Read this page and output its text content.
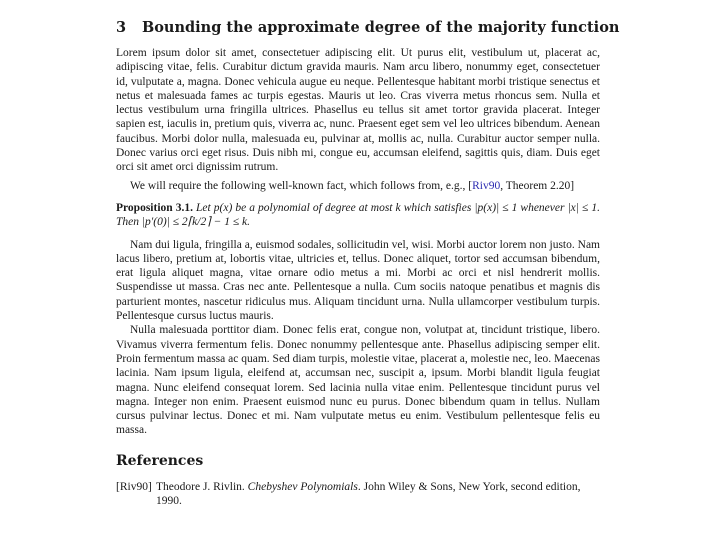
3 Bounding the approximate degree of the majority function

Lorem ipsum dolor sit amet, consectetuer adipiscing elit. Ut purus elit, vestibulum ut, placerat ac, adipiscing vitae, felis. Curabitur dictum gravida mauris. Nam arcu libero, nonummy eget, consectetuer id, vulputate a, magna. Donec vehicula augue eu neque. Pellentesque habitant morbi tristique senectus et netus et malesuada fames ac turpis egestas. Mauris ut leo. Cras viverra metus rhoncus sem. Nulla et lectus vestibulum urna fringilla ultrices. Phasellus eu tellus sit amet tortor gravida placerat. Integer sapien est, iaculis in, pretium quis, viverra ac, nunc. Praesent eget sem vel leo ultrices bibendum. Aenean faucibus. Morbi dolor nulla, malesuada eu, pulvinar at, mollis ac, nulla. Curabitur auctor semper nulla. Donec varius orci eget risus. Duis nibh mi, congue eu, accumsan eleifend, sagittis quis, diam. Duis eget orci sit amet orci dignissim rutrum.

We will require the following well-known fact, which follows from, e.g., [Riv90, Theorem 2.20]

Proposition 3.1. Let p(x) be a polynomial of degree at most k which satisfies |p(x)| ≤ 1 whenever |x| ≤ 1. Then |p′(0)| ≤ 2⌈k/2⌉ − 1 ≤ k.

Nam dui ligula, fringilla a, euismod sodales, sollicitudin vel, wisi. Morbi auctor lorem non justo. Nam lacus libero, pretium at, lobortis vitae, ultricies et, tellus. Donec aliquet, tortor sed accumsan bibendum, erat ligula aliquet magna, vitae ornare odio metus a mi. Morbi ac orci et nisl hendrerit mollis. Suspendisse ut massa. Cras nec ante. Pellentesque a nulla. Cum sociis natoque penatibus et magnis dis parturient montes, nascetur ridiculus mus. Aliquam tincidunt urna. Nulla ullamcorper vestibulum turpis. Pellentesque cursus luctus mauris.

Nulla malesuada porttitor diam. Donec felis erat, congue non, volutpat at, tincidunt tristique, libero. Vivamus viverra fermentum felis. Donec nonummy pellentesque ante. Phasellus adipiscing semper elit. Proin fermentum massa ac quam. Sed diam turpis, molestie vitae, placerat a, molestie nec, leo. Maecenas lacinia. Nam ipsum ligula, eleifend at, accumsan nec, suscipit a, ipsum. Morbi blandit ligula feugiat magna. Nunc eleifend consequat lorem. Sed lacinia nulla vitae enim. Pellentesque tincidunt purus vel magna. Integer non enim. Praesent euismod nunc eu purus. Donec bibendum quam in tellus. Nullam cursus pulvinar lectus. Donec et mi. Nam vulputate metus eu enim. Vestibulum pellentesque felis eu massa.

References
[Riv90] Theodore J. Rivlin. Chebyshev Polynomials. John Wiley & Sons, New York, second edition, 1990.
